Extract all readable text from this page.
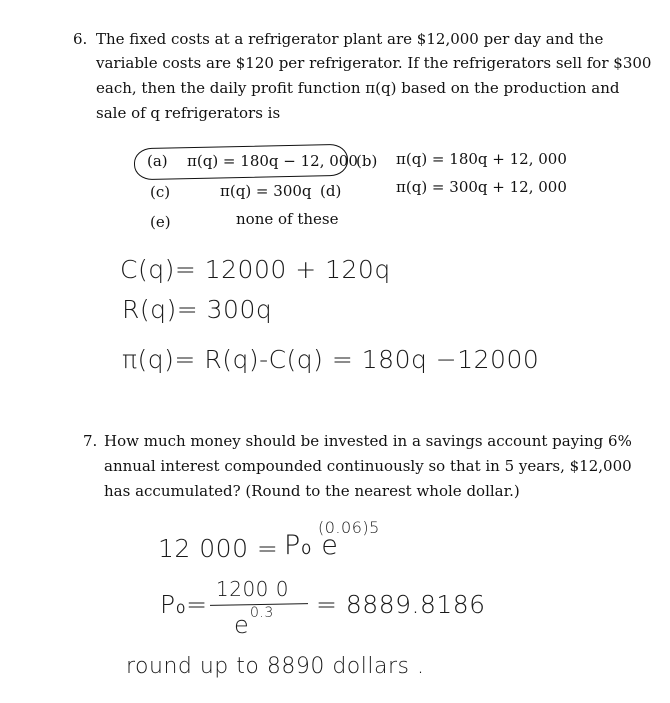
6. The fixed costs at a refrigerator plant are $12,000 per day and the
variable costs are $120 per refrigerator. If the refrigerators sell for $300
each, then the daily profit function π(q) based on the production and
sale of q refrigerators is
(a) π(q) = 180q − 12, 000
(b) π(q) = 180q + 12, 000
(c)	π(q) = 300q (d)	π(q) = 300q + 12, 000
(e)	none of these
C(q)= 12000 + 120q
R(q)= 300q
π(q)= R(q)-C(q) = 180q −12000
7. How much money should be invested in a savings account paying 6%
annual interest compounded continuously so that in 5 years, $12,000
has accumulated? (Round to the nearest whole dollar.)
12 000 = P₀ e
(0.06)5
P₀=
1200 0
e 0.3 = 8889.8186
round up to 8890 dollars .
